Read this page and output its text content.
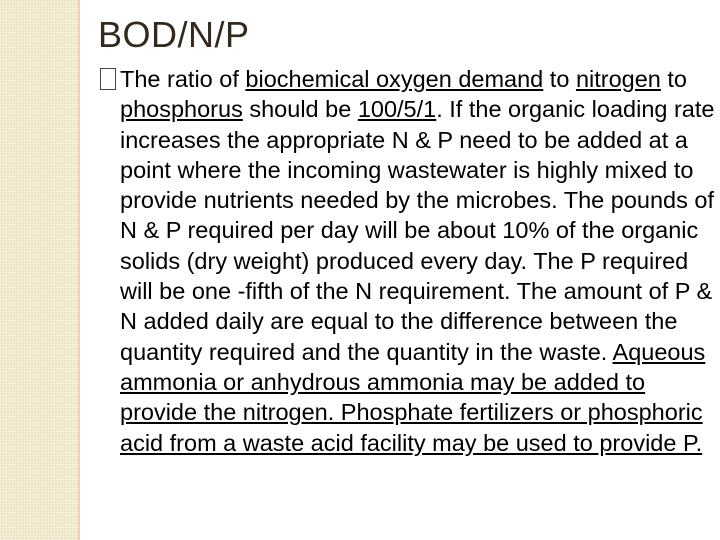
BOD/N/P

The ratio of biochemical oxygen demand to nitrogen to phosphorus should be 100/5/1. If the organic loading rate increases the appropriate N & P need to be added at a point where the incoming wastewater is highly mixed to provide nutrients needed by the microbes. The pounds of N & P required per day will be about 10% of the organic solids (dry weight) produced every day. The P required will be one -fifth of the N requirement. The amount of P & N added daily are equal to the difference between the quantity required and the quantity in the waste. Aqueous ammonia or anhydrous ammonia may be added to provide the nitrogen. Phosphate fertilizers or phosphoric acid from a waste acid facility may be used to provide P.
